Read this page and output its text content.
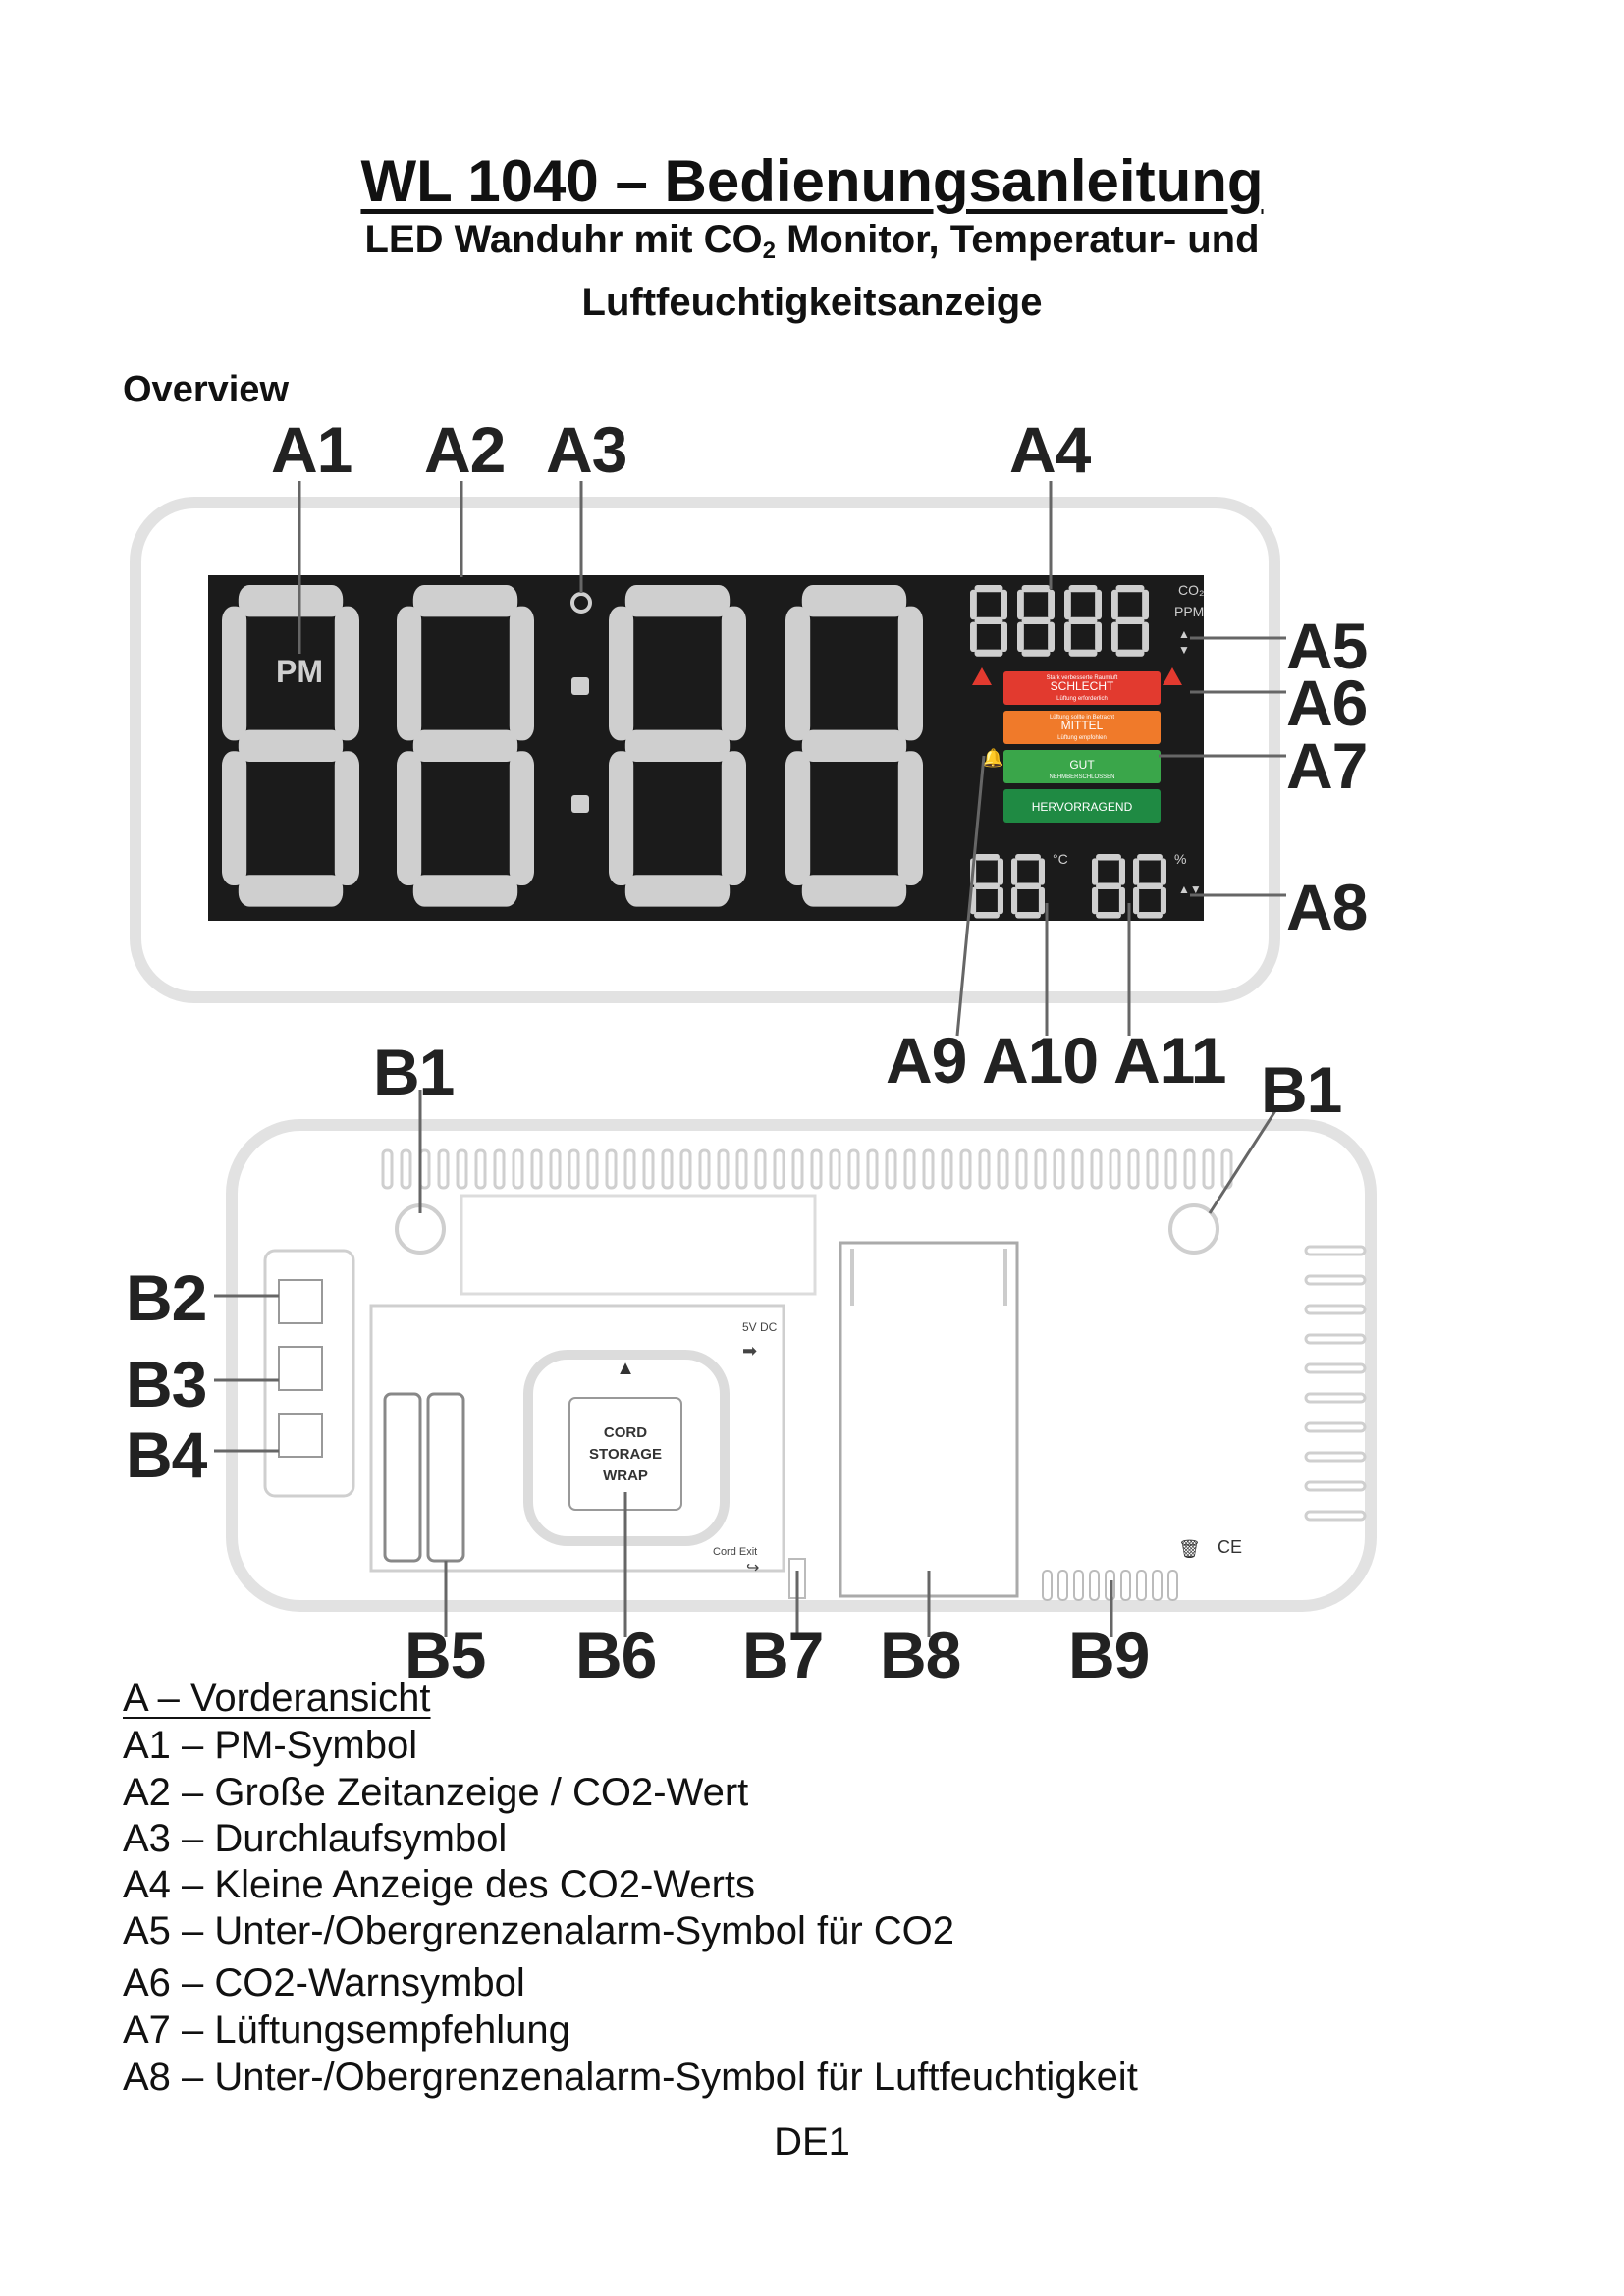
WL 1040 – Bedienungsanleitung
LED Wanduhr mit $CO_2$ Monitor, Temperatur- und
Luftfeuchtigkeitsanzeige
Overview
PM
CO₂
PPM
▲
▼
Stark verbesserte Raumluft
SCHLECHT
Lüftung erforderlich
Lüftung sollte in Betracht
MITTEL
Lüftung empfohlen
GUT
NEHMBERSCHLOSSEN
HERVORRAGEND
🔔
°C	%
▲▼
▲
CORD
STORAGE
WRAP
5V DC
➡
Cord Exit
↪
CE
🗑
A1 A2 A3	A4
A5
A6
A7
A8
A9 A10 A11
B1	B1
B2
B3
B4
B5 B6 B7 B8 B9
A – Vorderansicht
A1 – PM-Symbol
A2 – Große Zeitanzeige / CO2-Wert
A3 – Durchlaufsymbol
A4 – Kleine Anzeige des CO2-Werts
A5 – Unter-/Obergrenzenalarm-Symbol für CO2
A6 – CO2-Warnsymbol
A7 – Lüftungsempfehlung
A8 – Unter-/Obergrenzenalarm-Symbol für Luftfeuchtigkeit
DE1
